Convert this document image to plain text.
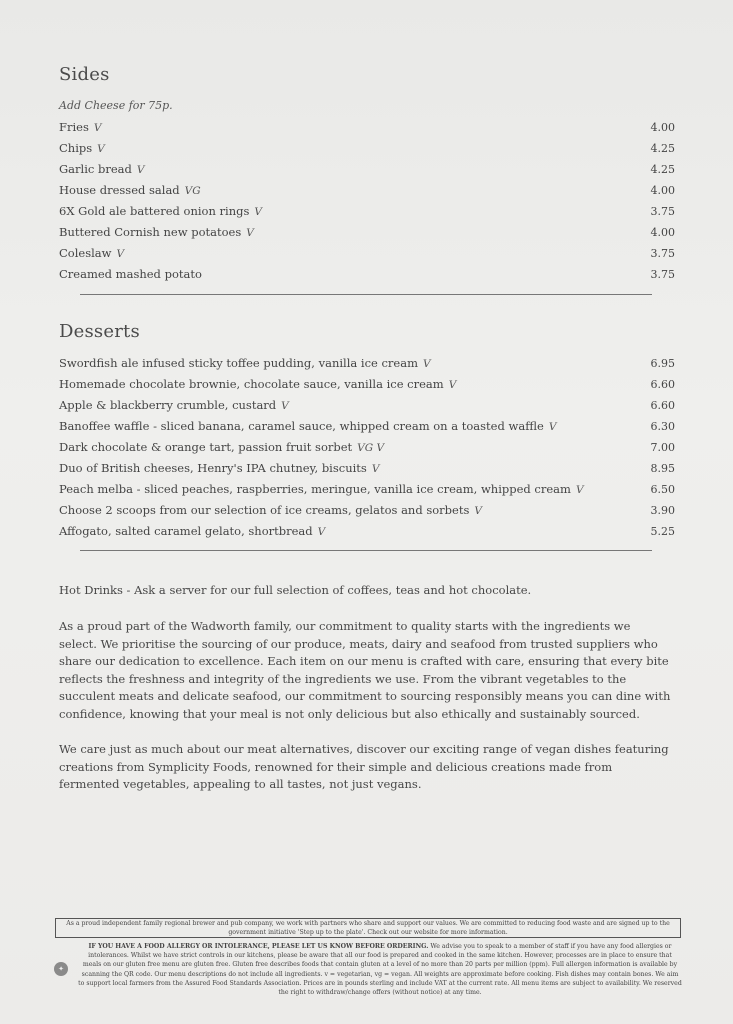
Sides
Add Cheese for 75p.
Fries V	4.00
Chips V	4.25
Garlic bread V	4.25
House dressed salad VG	4.00
6X Gold ale battered onion rings V	3.75
Buttered Cornish new potatoes V	4.00
Coleslaw V	3.75
Creamed mashed potato	3.75
Desserts
Swordfish ale infused sticky toffee pudding, vanilla ice cream V	6.95
Homemade chocolate brownie, chocolate sauce, vanilla ice cream V	6.60
Apple & blackberry crumble, custard V	6.60
Banoffee waffle - sliced banana, caramel sauce, whipped cream on a toasted waffle V	6.30
Dark chocolate & orange tart, passion fruit sorbet VG V	7.00
Duo of British cheeses, Henry's IPA chutney, biscuits V	8.95
Peach melba - sliced peaches, raspberries, meringue, vanilla ice cream, whipped cream V	6.50
Choose 2 scoops from our selection of ice creams, gelatos and sorbets V	3.90
Affogato, salted caramel gelato, shortbread V	5.25

Hot Drinks - Ask a server for our full selection of coffees, teas and hot chocolate.

As a proud part of the Wadworth family, our commitment to quality starts with the ingredients we select. We prioritise the sourcing of our produce, meats, dairy and seafood from trusted suppliers who share our dedication to excellence. Each item on our menu is crafted with care, ensuring that every bite reflects the freshness and integrity of the ingredients we use. From the vibrant vegetables to the succulent meats and delicate seafood, our commitment to sourcing responsibly means you can dine with confidence, knowing that your meal is not only delicious but also ethically and sustainably sourced.

We care just as much about our meat alternatives, discover our exciting range of vegan dishes featuring creations from Symplicity Foods, renowned for their simple and delicious creations made from fermented vegetables, appealing to all tastes, not just vegans.

As a proud independent family regional brewer and pub company, we work with partners who share and support our values. We are committed to reducing food waste and are signed up to the government initiative 'Step up to the plate'. Check out our website for more information.
✦
IF YOU HAVE A FOOD ALLERGY OR INTOLERANCE, PLEASE LET US KNOW BEFORE ORDERING. We advise you to speak to a member of staff if you have any food allergies or intolerances. Whilst we have strict controls in our kitchens, please be aware that all our food is prepared and cooked in the same kitchen. However, processes are in place to ensure that meals on our gluten free menu are gluten free. Gluten free describes foods that contain gluten at a level of no more than 20 parts per million (ppm). Full allergen information is available by scanning the QR code. Our menu descriptions do not include all ingredients. v = vegetarian, vg = vegan. All weights are approximate before cooking. Fish dishes may contain bones. We aim to support local farmers from the Assured Food Standards Association. Prices are in pounds sterling and include VAT at the current rate. All menu items are subject to availability. We reserved the right to withdraw/change offers (without notice) at any time.
